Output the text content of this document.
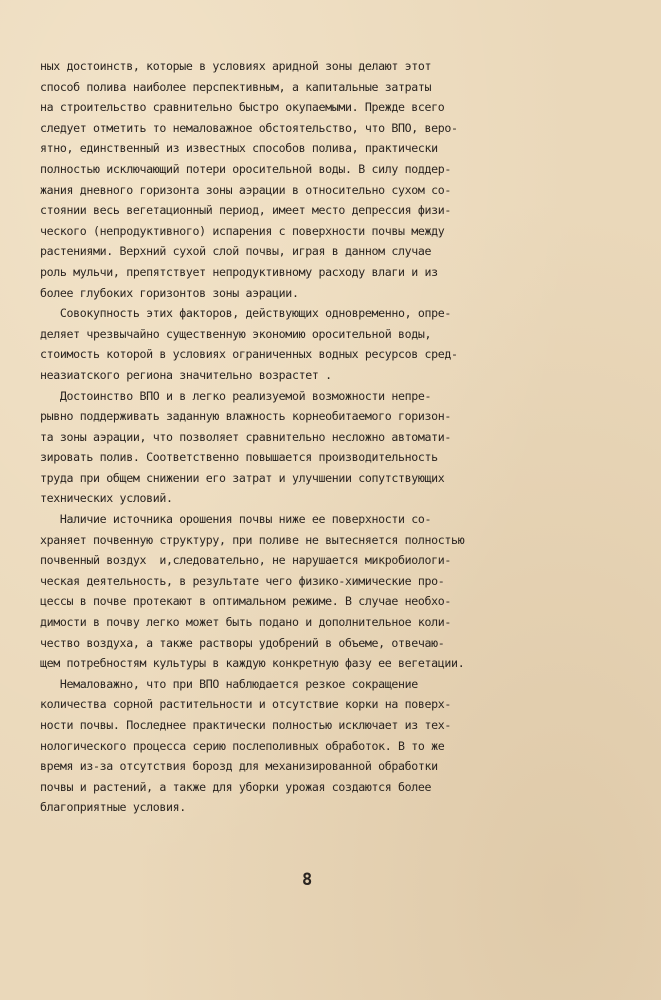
ных достоинств, которые в условиях аридной зоны делают этот
способ полива наиболее перспективным, а капитальные затраты
на строительство сравнительно быстро окупаемыми. Прежде всего
следует отметить то немаловажное обстоятельство, что ВПО, веро-
ятно, единственный из известных способов полива, практически
полностью исключающий потери оросительной воды. В силу поддер-
жания дневного горизонта зоны аэрации в относительно сухом со-
стоянии весь вегетационный период, имеет место депрессия физи-
ческого (непродуктивного) испарения с поверхности почвы между
растениями. Верхний сухой слой почвы, играя в данном случае
роль мульчи, препятствует непродуктивному расходу влаги и из
более глубоких горизонтов зоны аэрации.
Совокупность этих факторов, действующих одновременно, опре-
деляет чрезвычайно существенную экономию оросительной воды,
стоимость которой в условиях ограниченных водных ресурсов сред-
неазиатского региона значительно возрастет .
Достоинство ВПО и в легко реализуемой возможности непре-
рывно поддерживать заданную влажность корнеобитаемого горизон-
та зоны аэрации, что позволяет сравнительно несложно автомати-
зировать полив. Соответственно повышается производительность
труда при общем снижении его затрат и улучшении сопутствующих
технических условий.
Наличие источника орошения почвы ниже ее поверхности со-
храняет почвенную структуру, при поливе не вытесняется полностью
почвенный воздух  и,следовательно, не нарушается микробиологи-
ческая деятельность, в результате чего физико-химические про-
цессы в почве протекают в оптимальном режиме. В случае необхо-
димости в почву легко может быть подано и дополнительное коли-
чество воздуха, а также растворы удобрений в объеме, отвечаю-
щем потребностям культуры в каждую конкретную фазу ее вегетации.
Немаловажно, что при ВПО наблюдается резкое сокращение
количества сорной растительности и отсутствие корки на поверх-
ности почвы. Последнее практически полностью исключает из тех-
нологического процесса серию послеполивных обработок. В то же
время из-за отсутствия борозд для механизированной обработки
почвы и растений, а также для уборки урожая создаются более
благоприятные условия.
8
